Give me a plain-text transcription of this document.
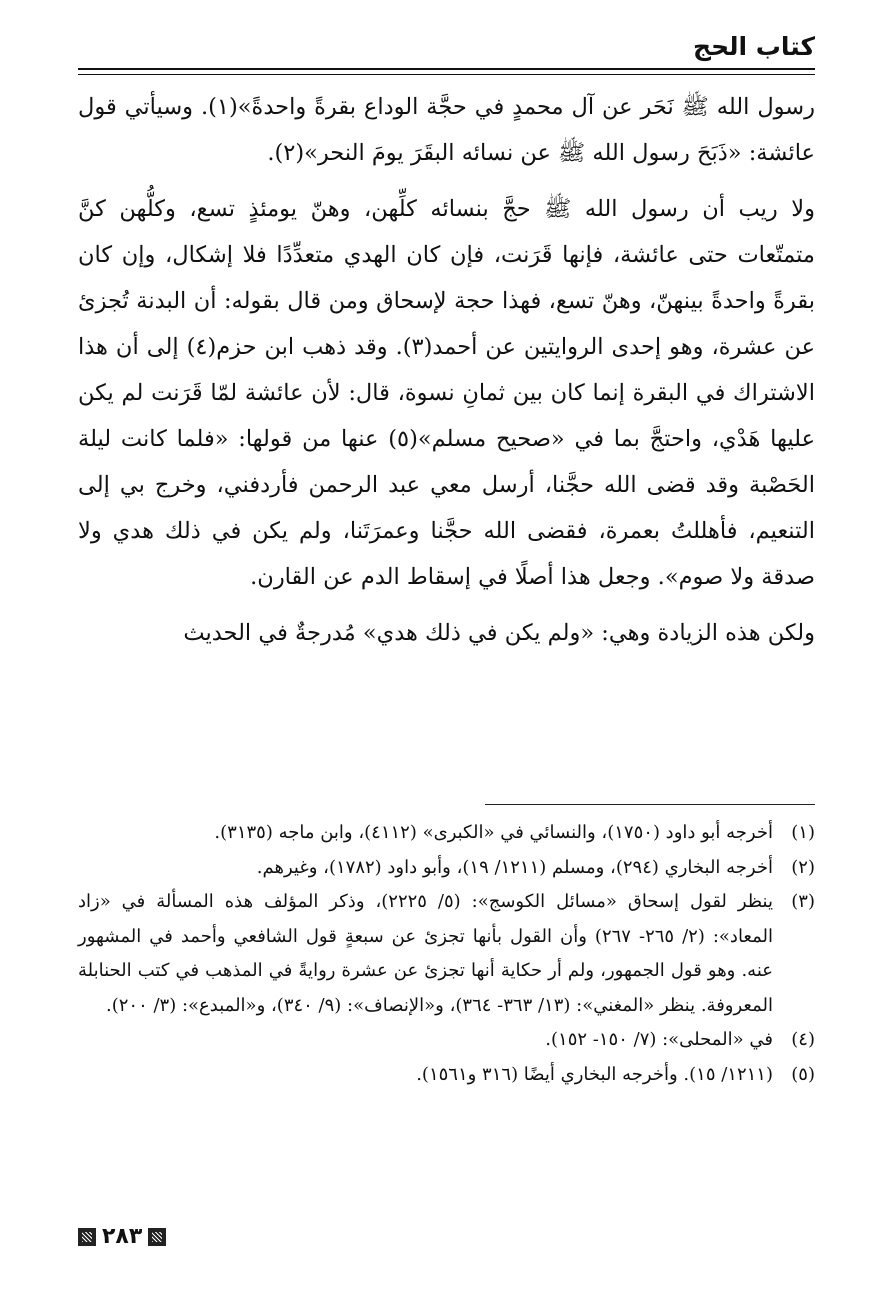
كتاب الحج

رسول الله ﷺ نَحَر عن آل محمدٍ في حجَّة الوداع بقرةً واحدةً»(١). وسيأتي قول عائشة: «ذَبَحَ رسول الله ﷺ عن نسائه البقَرَ يومَ النحر»(٢).

ولا ريب أن رسول الله ﷺ حجَّ بنسائه كلِّهن، وهنّ يومئذٍ تسع، وكلُّهن كنَّ متمتّعات حتى عائشة، فإنها قَرَنت، فإن كان الهدي متعدِّدًا فلا إشكال، وإن كان بقرةً واحدةً بينهنّ، وهنّ تسع، فهذا حجة لإسحاق ومن قال بقوله: أن البدنة تُجزئ عن عشرة، وهو إحدى الروايتين عن أحمد(٣). وقد ذهب ابن حزم(٤) إلى أن هذا الاشتراك في البقرة إنما كان بين ثمانِ نسوة، قال: لأن عائشة لمّا قَرَنت لم يكن عليها هَدْي، واحتجَّ بما في «صحيح مسلم»(٥) عنها من قولها: «فلما كانت ليلة الحَصْبة وقد قضى الله حجَّنا، أرسل معي عبد الرحمن فأردفني، وخرج بي إلى التنعيم، فأهللتُ بعمرة، فقضى الله حجَّنا وعمرَتَنا، ولم يكن في ذلك هدي ولا صدقة ولا صوم». وجعل هذا أصلًا في إسقاط الدم عن القارن.

ولكن هذه الزيادة وهي: «ولم يكن في ذلك هدي» مُدرجةٌ في الحديث

(١)
أخرجه أبو داود (١٧٥٠)، والنسائي في «الكبرى» (٤١١٢)، وابن ماجه (٣١٣٥).
(٢)
أخرجه البخاري (٢٩٤)، ومسلم (١٢١١/ ١٩)، وأبو داود (١٧٨٢)، وغيرهم.
(٣)
ينظر لقول إسحاق «مسائل الكوسج»: (٥/ ٢٢٢٥)، وذكر المؤلف هذه المسألة في «زاد المعاد»: (٢/ ٢٦٥- ٢٦٧) وأن القول بأنها تجزئ عن سبعةٍ قول الشافعي وأحمد في المشهور عنه. وهو قول الجمهور، ولم أر حكاية أنها تجزئ عن عشرة روايةً في المذهب في كتب الحنابلة المعروفة. ينظر «المغني»: (١٣/ ٣٦٣- ٣٦٤)، و«الإنصاف»: (٩/ ٣٤٠)، و«المبدع»: (٣/ ٢٠٠).
(٤)
في «المحلى»: (٧/ ١٥٠- ١٥٢).
(٥)
(١٢١١/ ١٥). وأخرجه البخاري أيضًا (٣١٦ و١٥٦١).
٢٨٣
